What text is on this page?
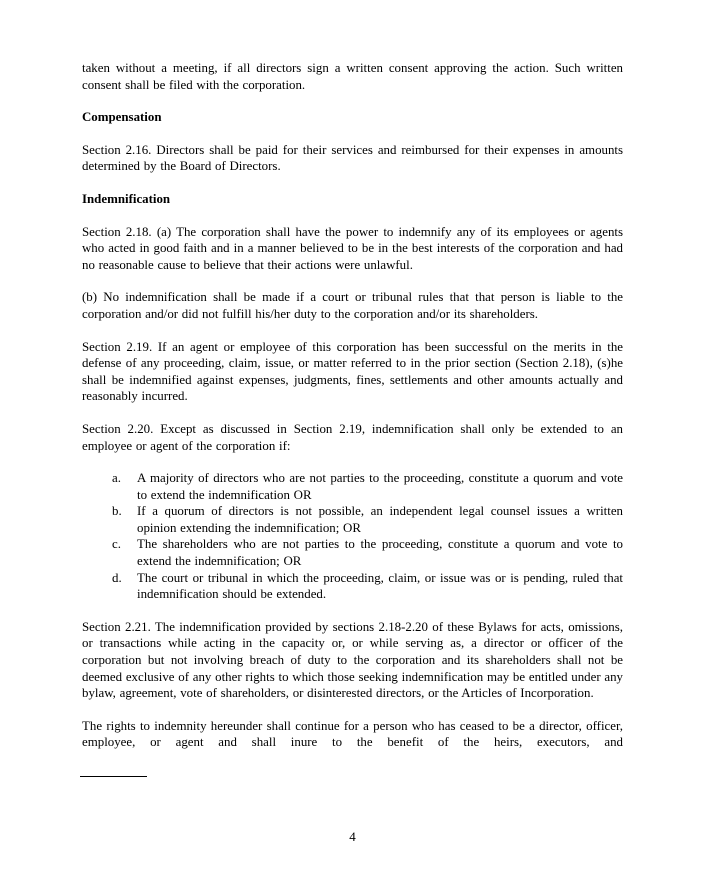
taken without a meeting, if all directors sign a written consent approving the action. Such written consent shall be filed with the corporation.

Compensation

Section 2.16. Directors shall be paid for their services and reimbursed for their expenses in amounts determined by the Board of Directors.

Indemnification

Section 2.18. (a) The corporation shall have the power to indemnify any of its employees or agents who acted in good faith and in a manner believed to be in the best interests of the corporation and had no reasonable cause to believe that their actions were unlawful.

(b) No indemnification shall be made if a court or tribunal rules that that person is liable to the corporation and/or did not fulfill his/her duty to the corporation and/or its shareholders.

Section 2.19. If an agent or employee of this corporation has been successful on the merits in the defense of any proceeding, claim, issue, or matter referred to in the prior section (Section 2.18), (s)he shall be indemnified against expenses, judgments, fines, settlements and other amounts actually and reasonably incurred.

Section 2.20. Except as discussed in Section 2.19, indemnification shall only be extended to an employee or agent of the corporation if:

a.	A majority of directors who are not parties to the proceeding, constitute a quorum and vote to extend the indemnification OR
b.	If a quorum of directors is not possible, an independent legal counsel issues a written opinion extending the indemnification; OR
c.	The shareholders who are not parties to the proceeding, constitute a quorum and vote to extend the indemnification; OR
d.	The court or tribunal in which the proceeding, claim, or issue was or is pending, ruled that indemnification should be extended.

Section 2.21. The indemnification provided by sections 2.18-2.20 of these Bylaws for acts, omissions, or transactions while acting in the capacity or, or while serving as, a director or officer of the corporation but not involving breach of duty to the corporation and its shareholders shall not be deemed exclusive of any other rights to which those seeking indemnification may be entitled under any bylaw, agreement, vote of shareholders, or disinterested directors, or the Articles of Incorporation.

The rights to indemnity hereunder shall continue for a person who has ceased to be a director, officer, employee, or agent and shall inure to the benefit of the heirs, executors, and

4
